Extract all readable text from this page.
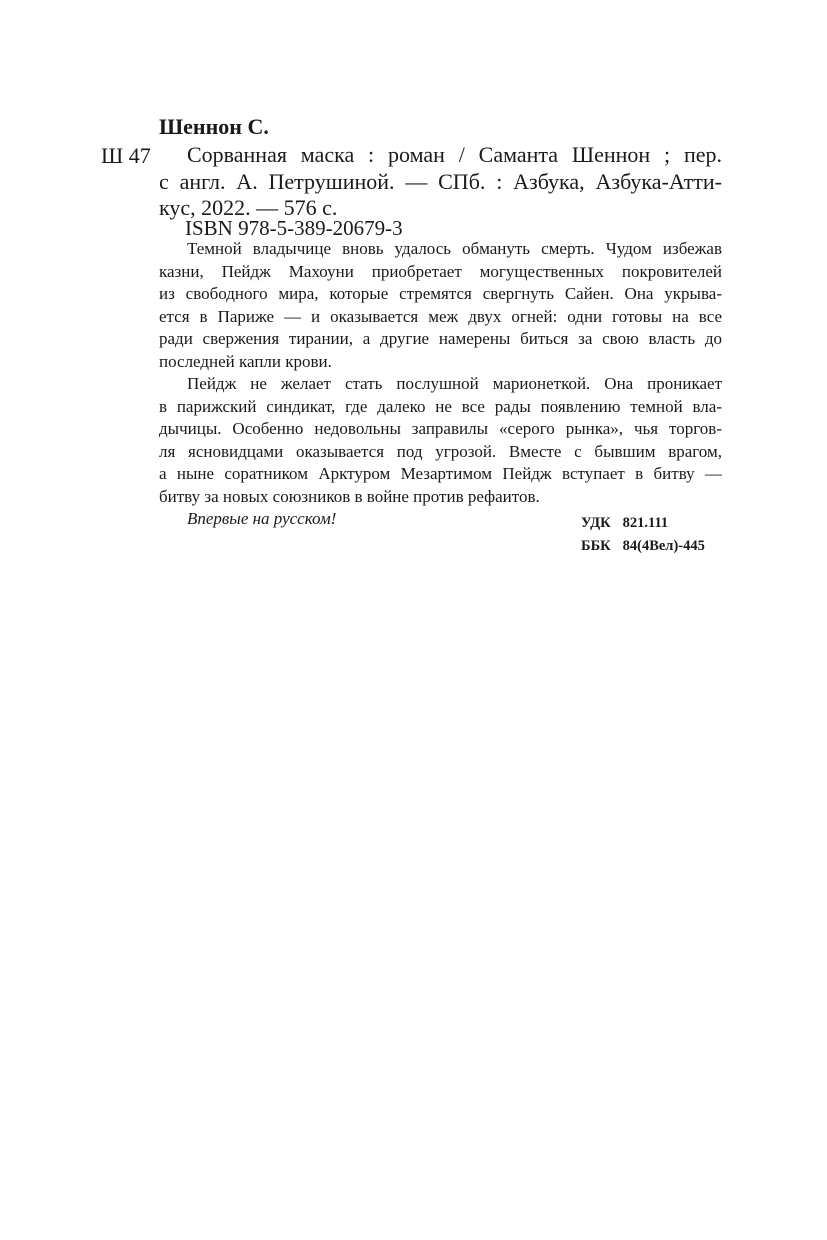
Шеннон С.
Ш 47	Сорванная маска : роман / Саманта Шеннон ; пер.
с англ. А. Петрушиной. — СПб. : Азбука, Азбука-Атти-
кус, 2022. — 576 с.
ISBN 978-5-389-20679-3
Темной владычице вновь удалось обмануть смерть. Чудом избежав
казни, Пейдж Махоуни приобретает могущественных покровителей
из свободного мира, которые стремятся свергнуть Сайен. Она укрыва-
ется в Париже — и оказывается меж двух огней: одни готовы на все
ради свержения тирании, а другие намерены биться за свою власть до
последней капли крови.
Пейдж не желает стать послушной марионеткой. Она проникает
в парижский синдикат, где далеко не все рады появлению темной вла-
дычицы. Особенно недовольны заправилы «серого рынка», чья торгов-
ля ясновидцами оказывается под угрозой. Вместе с бывшим врагом,
а ныне соратником Арктуром Мезартимом Пейдж вступает в битву —
битву за новых союзников в войне против рефаитов.
Впервые на русском!	УДК 821.111
ББК 84(4Вел)-445
